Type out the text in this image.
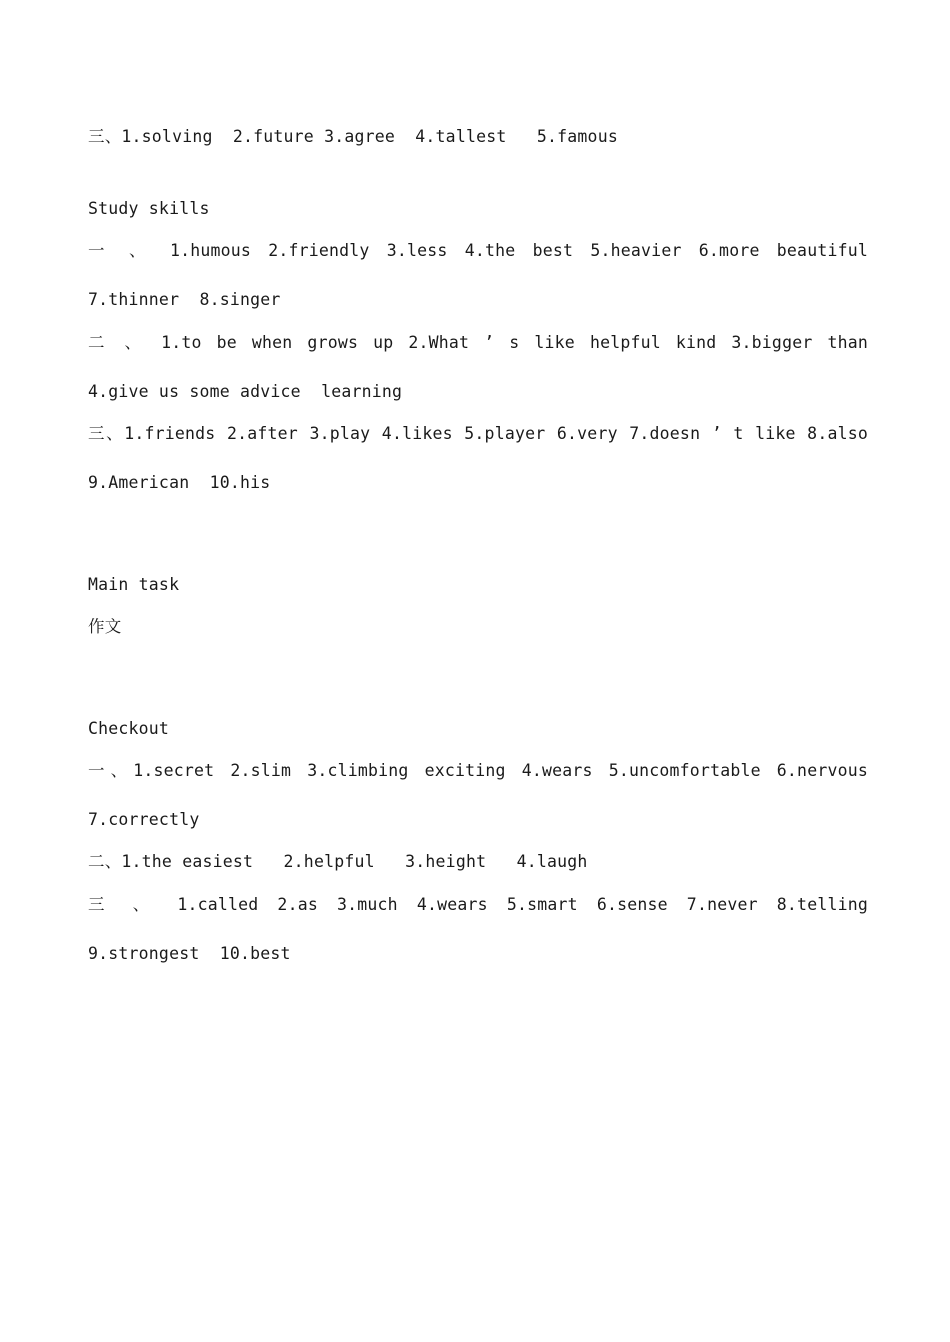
三、1.solving  2.future 3.agree  4.tallest   5.famous
Study skills
一 、 1.humous 2.friendly 3.less 4.the best 5.heavier 6.more beautiful
7.thinner  8.singer
二 、 1.to be when grows up 2.What ’ s like helpful kind 3.bigger than
4.give us some advice  learning
三、1.friends 2.after 3.play 4.likes 5.player 6.very 7.doesn ’ t like 8.also
9.American  10.his
Main task
作文
Checkout
一、1.secret 2.slim 3.climbing exciting 4.wears 5.uncomfortable 6.nervous
7.correctly
二、1.the easiest   2.helpful   3.height   4.laugh
三 、 1.called 2.as 3.much 4.wears 5.smart 6.sense 7.never 8.telling
9.strongest  10.best
